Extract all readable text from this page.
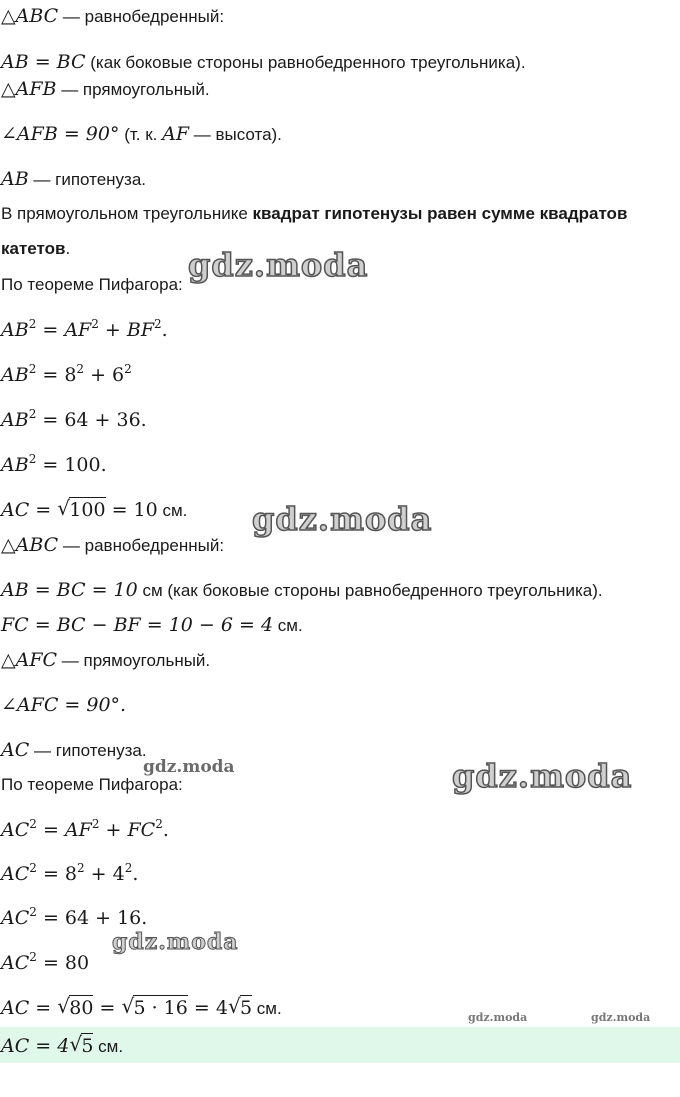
△ABC — равнобедренный:
AB = BC (как боковые стороны равнобедренного треугольника).
△AFB — прямоугольный.
∠AFB = 90° (т. к. AF — высота).
AB — гипотенуза.
В прямоугольном треугольнике квадрат гипотенузы равен сумме квадратов
катетов.
По теореме Пифагора:
$AB^2 = AF^2 + BF^2$.
$AB^2 = 8^2 + 6^2$
$AB^2 = 64 + 36$.
$AB^2 = 100$.
AC = √ 100 = 10 см.
△ABC — равнобедренный:
AB = BC = 10 см (как боковые стороны равнобедренного треугольника).
FC = BC − BF = 10 − 6 = 4 см.
△AFC — прямоугольный.
∠AFC = 90°.
AC — гипотенуза.
По теореме Пифагора:
$AC^2 = AF^2 + FC^2$.
$AC^2 = 8^2 + 4^2$.
$AC^2 = 64 + 16$.
$AC^2 = 80$
AC = √ 80 = √ 5 · 16 = 4 √ 5 см.
AC = 4 √ 5 см.
gdz.moda
gdz.moda
gdz.moda
gdz.moda
gdz.moda
gdz.moda	gdz.moda
